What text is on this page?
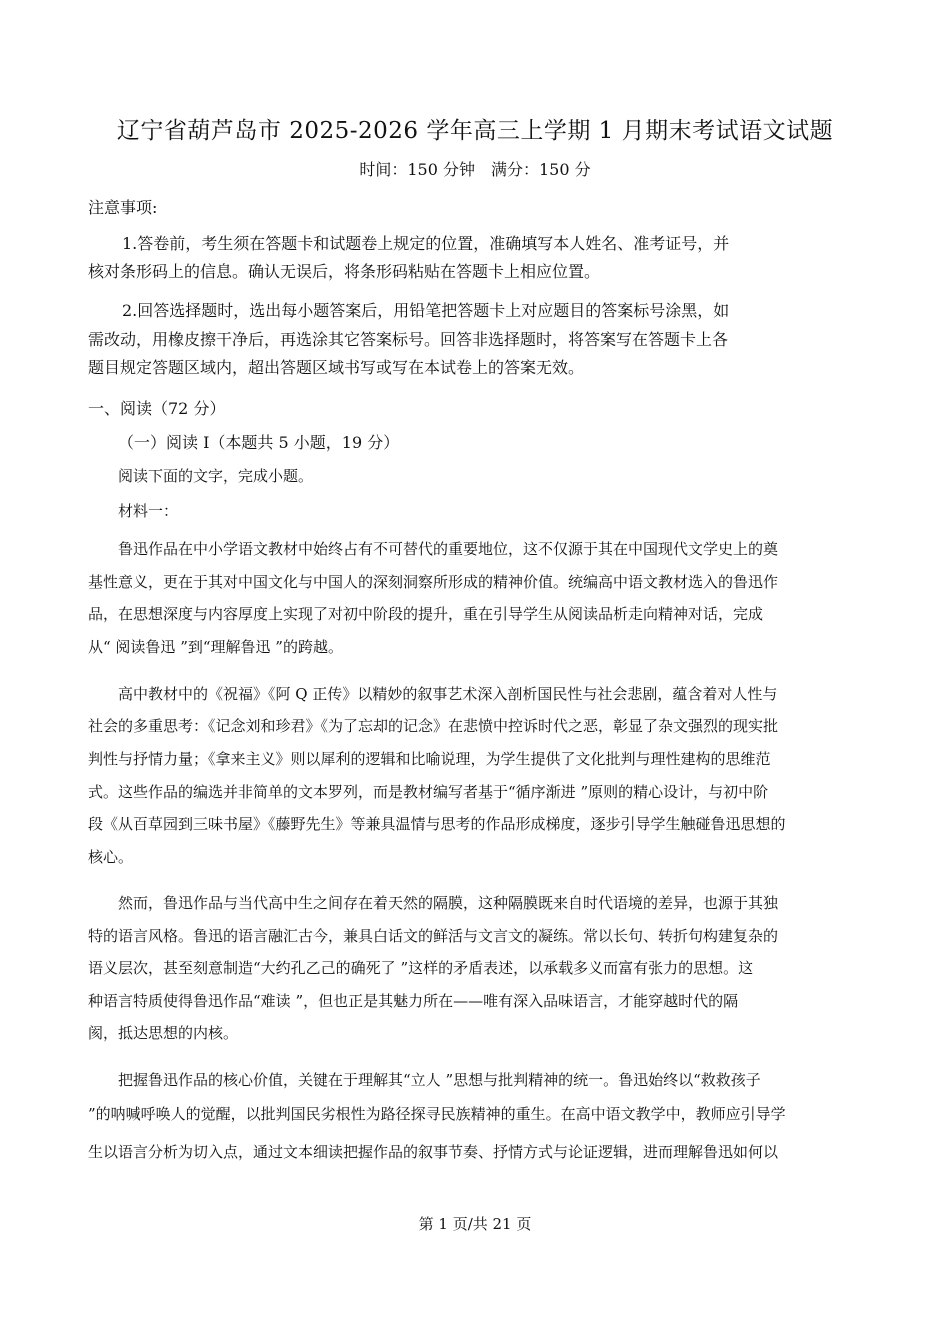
辽宁省葫芦岛市 2025-2026 学年高三上学期 1 月期末考试语文试题
时间：150 分钟　满分：150 分
注意事项:
1.答卷前，考生须在答题卡和试题卷上规定的位置，准确填写本人姓名、准考证号，并
核对条形码上的信息。确认无误后，将条形码粘贴在答题卡上相应位置。
2.回答选择题时，选出每小题答案后，用铅笔把答题卡上对应题目的答案标号涂黑，如
需改动，用橡皮擦干净后，再选涂其它答案标号。回答非选择题时，将答案写在答题卡上各
题目规定答题区域内，超出答题区域书写或写在本试卷上的答案无效。
一、阅读（72 分）
（一）阅读 I（本题共 5 小题，19 分）
阅读下面的文字，完成小题。
材料一：
鲁迅作品在中小学语文教材中始终占有不可替代的重要地位，这不仅源于其在中国现代文学史上的奠
基性意义，更在于其对中国文化与中国人的深刻洞察所形成的精神价值。统编高中语文教材选入的鲁迅作
品，在思想深度与内容厚度上实现了对初中阶段的提升，重在引导学生从阅读品析走向精神对话，完成
从“ 阅读鲁迅 ”到“理解鲁迅 ”的跨越。
高中教材中的《祝福》《阿 Q 正传》以精妙的叙事艺术深入剖析国民性与社会悲剧，蕴含着对人性与
社会的多重思考：《记念刘和珍君》《为了忘却的记念》在悲愤中控诉时代之恶，彰显了杂文强烈的现实批
判性与抒情力量；《拿来主义》则以犀利的逻辑和比喻说理，为学生提供了文化批判与理性建构的思维范
式。这些作品的编选并非简单的文本罗列，而是教材编写者基于“循序渐进 ”原则的精心设计，与初中阶
段《从百草园到三味书屋》《藤野先生》等兼具温情与思考的作品形成梯度，逐步引导学生触碰鲁迅思想的
核心。
然而，鲁迅作品与当代高中生之间存在着天然的隔膜，这种隔膜既来自时代语境的差异，也源于其独
特的语言风格。鲁迅的语言融汇古今，兼具白话文的鲜活与文言文的凝练。常以长句、转折句构建复杂的
语义层次，甚至刻意制造“大约孔乙己的确死了 ”这样的矛盾表述，以承载多义而富有张力的思想。这
种语言特质使得鲁迅作品“难读 ”，但也正是其魅力所在——唯有深入品味语言，才能穿越时代的隔
阂，抵达思想的内核。
把握鲁迅作品的核心价值，关键在于理解其“立人 ”思想与批判精神的统一。鲁迅始终以“救救孩子
”的呐喊呼唤人的觉醒，以批判国民劣根性为路径探寻民族精神的重生。在高中语文教学中，教师应引导学
生以语言分析为切入点，通过文本细读把握作品的叙事节奏、抒情方式与论证逻辑，进而理解鲁迅如何以
第 1 页/共 21 页
